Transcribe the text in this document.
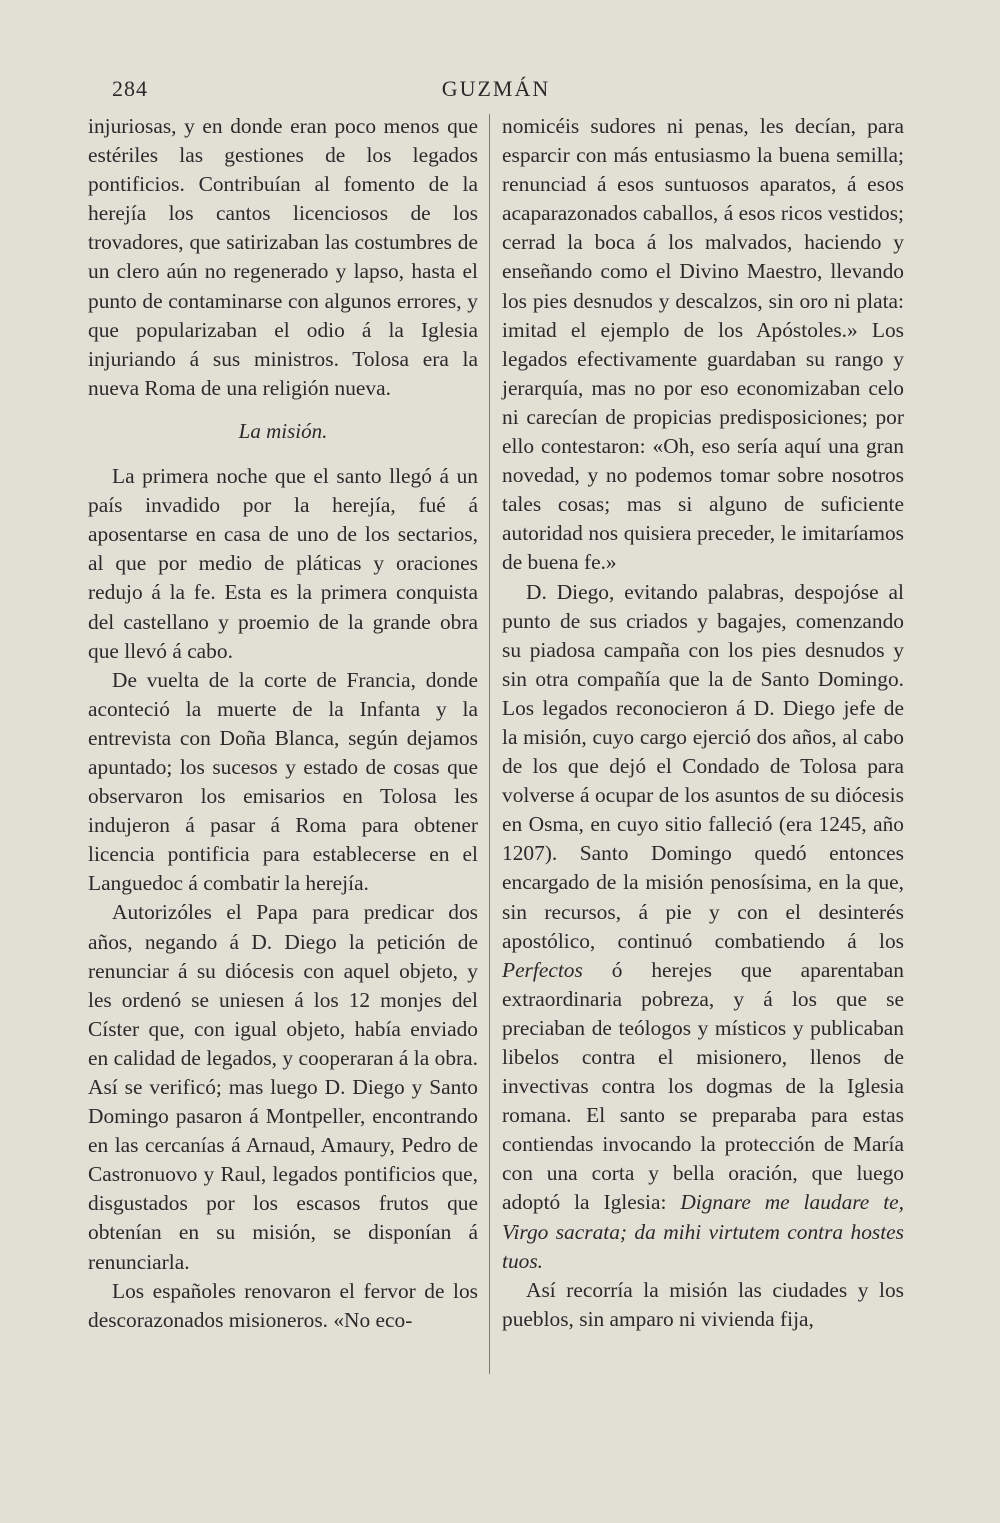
284	GUZMÁN

injuriosas, y en donde eran poco menos que estériles las gestiones de los legados pontificios. Contribuían al fomento de la herejía los cantos licenciosos de los trovadores, que satirizaban las costumbres de un clero aún no regenerado y lapso, hasta el punto de contaminarse con algunos errores, y que popularizaban el odio á la Iglesia injuriando á sus ministros. Tolosa era la nueva Roma de una religión nueva.

La misión.

La primera noche que el santo llegó á un país invadido por la herejía, fué á aposentarse en casa de uno de los sectarios, al que por medio de pláticas y oraciones redujo á la fe. Esta es la primera conquista del castellano y proemio de la grande obra que llevó á cabo.

De vuelta de la corte de Francia, donde aconteció la muerte de la Infanta y la entrevista con Doña Blanca, según dejamos apuntado; los sucesos y estado de cosas que observaron los emisarios en Tolosa les indujeron á pasar á Roma para obtener licencia pontificia para establecerse en el Languedoc á combatir la herejía.

Autorizóles el Papa para predicar dos años, negando á D. Diego la petición de renunciar á su diócesis con aquel objeto, y les ordenó se uniesen á los 12 monjes del Císter que, con igual objeto, había enviado en calidad de legados, y cooperaran á la obra. Así se verificó; mas luego D. Diego y Santo Domingo pasaron á Montpeller, encontrando en las cercanías á Arnaud, Amaury, Pedro de Castronuovo y Raul, legados pontificios que, disgustados por los escasos frutos que obtenían en su misión, se disponían á renunciarla.

Los españoles renovaron el fervor de los descorazonados misioneros. «No eco-

nomicéis sudores ni penas, les decían, para esparcir con más entusiasmo la buena semilla; renunciad á esos suntuosos aparatos, á esos acaparazonados caballos, á esos ricos vestidos; cerrad la boca á los malvados, haciendo y enseñando como el Divino Maestro, llevando los pies desnudos y descalzos, sin oro ni plata: imitad el ejemplo de los Apóstoles.» Los legados efectivamente guardaban su rango y jerarquía, mas no por eso economizaban celo ni carecían de propicias predisposiciones; por ello contestaron: «Oh, eso sería aquí una gran novedad, y no podemos tomar sobre nosotros tales cosas; mas si alguno de suficiente autoridad nos quisiera preceder, le imitaríamos de buena fe.»

D. Diego, evitando palabras, despojóse al punto de sus criados y bagajes, comenzando su piadosa campaña con los pies desnudos y sin otra compañía que la de Santo Domingo. Los legados reconocieron á D. Diego jefe de la misión, cuyo cargo ejerció dos años, al cabo de los que dejó el Condado de Tolosa para volverse á ocupar de los asuntos de su diócesis en Osma, en cuyo sitio falleció (era 1245, año 1207). Santo Domingo quedó entonces encargado de la misión penosísima, en la que, sin recursos, á pie y con el desinterés apostólico, continuó combatiendo á los Perfectos ó herejes que aparentaban extraordinaria pobreza, y á los que se preciaban de teólogos y místicos y publicaban libelos contra el misionero, llenos de invectivas contra los dogmas de la Iglesia romana. El santo se preparaba para estas contiendas invocando la protección de María con una corta y bella oración, que luego adoptó la Iglesia: Dignare me laudare te, Virgo sacrata; da mihi virtutem contra hostes tuos.

Así recorría la misión las ciudades y los pueblos, sin amparo ni vivienda fija,
